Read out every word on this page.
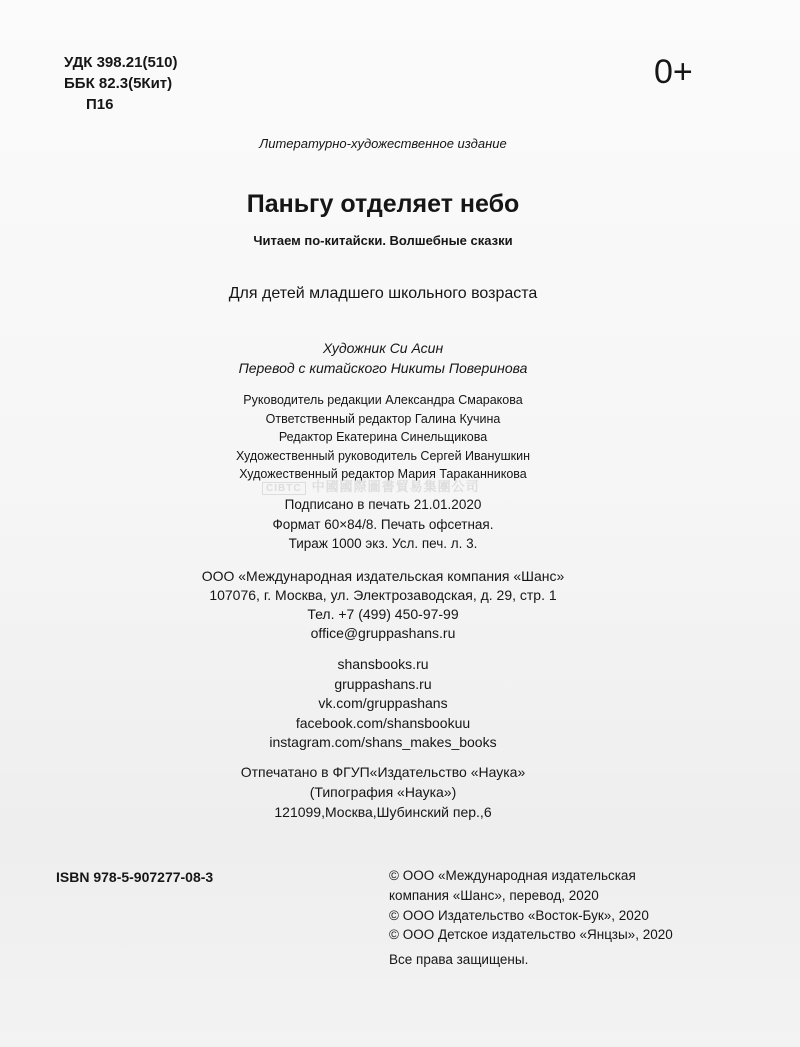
УДК 398.21(510)
ББК 82.3(5Кит)
П16
0+
Литературно-художественное издание
Паньгу отделяет небо
Читаем по-китайски. Волшебные сказки
Для детей младшего школьного возраста
Художник Си Асин
Перевод с китайского Никиты Поверинова
Руководитель редакции Александра Смаракова
Ответственный редактор Галина Кучина
Редактор Екатерина Синельщикова
Художественный руководитель Сергей Иванушкин
Художественный редактор Мария Тараканникова
CIBTC 中國國際圖書貿易集團公司
Подписано в печать 21.01.2020
Формат 60×84/8. Печать офсетная.
Тираж 1000 экз. Усл. печ. л. 3.
ООО «Международная издательская компания «Шанс»
107076, г. Москва, ул. Электрозаводская, д. 29, стр. 1
Тел. +7 (499) 450-97-99
office@gruppashans.ru
shansbooks.ru
gruppashans.ru
vk.com/gruppashans
facebook.com/shansbookuu
instagram.com/shans_makes_books
Отпечатано в ФГУП«Издательство «Наука»
(Типография «Наука»)
121099,Москва,Шубинский пер.,6
ISBN 978-5-907277-08-3	© ООО «Международная издательская
компания «Шанс», перевод, 2020
© ООО Издательство «Восток-Бук», 2020
© ООО Детское издательство «Янцзы», 2020
Все права защищены.
